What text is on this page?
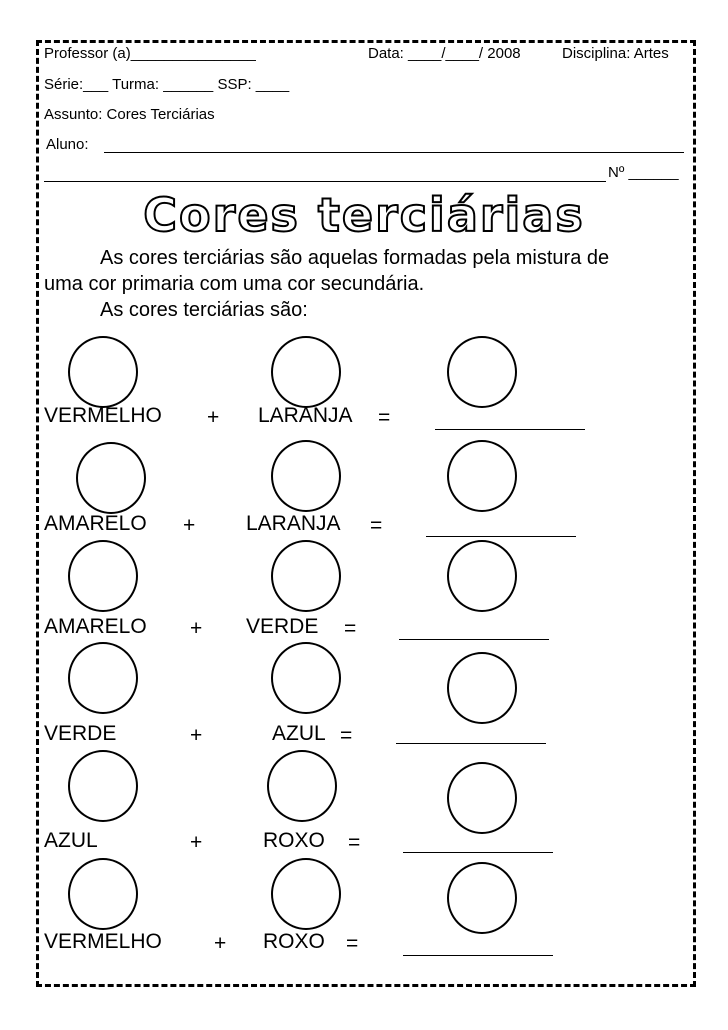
Professor (a)_______________	Data: ____/____/ 2008	Disciplina: Artes
Série:___ Turma: ______ SSP: ____
Assunto: Cores Terciárias
Aluno:
Nº ______
Cores terciárias
As cores terciárias são aquelas formadas pela mistura de
uma cor primaria com uma cor secundária.
As cores terciárias são:
VERMELHO + LARANJA =
AMARELO + LARANJA =
AMARELO + VERDE =
VERDE	+	AZUL =
AZUL	+	ROXO =
VERMELHO + ROXO =
